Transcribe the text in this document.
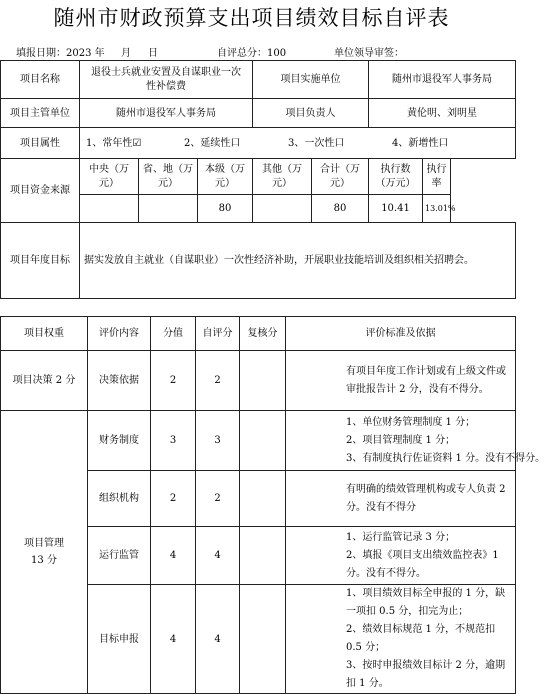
随州市财政预算支出项目绩效目标自评表
填报日期：2023 年 月 日	自评总分：100	单位领导审签：
项目名称	退役士兵就业安置及自谋职业一次性补偿费			项目实施单位		随州市退役军人事务局		
项目主管单位	随州市退役军人事务局			项目负责人		黄伦明、刘明星		
项目属性	1、常年性☑ 2、延续性口 3、一次性口 4、新增性口							
项目资金来源	中央（万元）	省、地（万元）	本级（万元）	其他（万元）	合计（万元）	执行数（万元）	执行率	
			80		80	10.41	13.01%	
项目年度目标	据实发放自主就业（自谋职业）一次性经济补助，开展职业技能培训及组织相关招聘会。							
项目权重	评价内容	分值	自评分	复核分	评价标准及依据
项目决策 2 分	决策依据	2	2		有项目年度工作计划或有上级文件或审批报告计 2 分，没有不得分。
项目管理13 分	财务制度	3	3		1、单位财务管理制度 1 分；
2、项目管理制度 1 分；
3、有制度执行佐证资料 1 分。没有不得分。

	组织机构	2	2		有明确的绩效管理机构或专人负责 2 分。没有不得分
	运行监管	4	4		1、运行监管记录 3 分；
2、填报《项目支出绩效监控表》1 分。没有不得分。

	目标申报	4	4		1、项目绩效目标全申报的 1 分，缺一项扣 0.5 分，扣完为止；
2、绩效目标规范 1 分，不规范扣 0.5 分；
3、按时申报绩效目标计 2 分，逾期扣 1 分。
